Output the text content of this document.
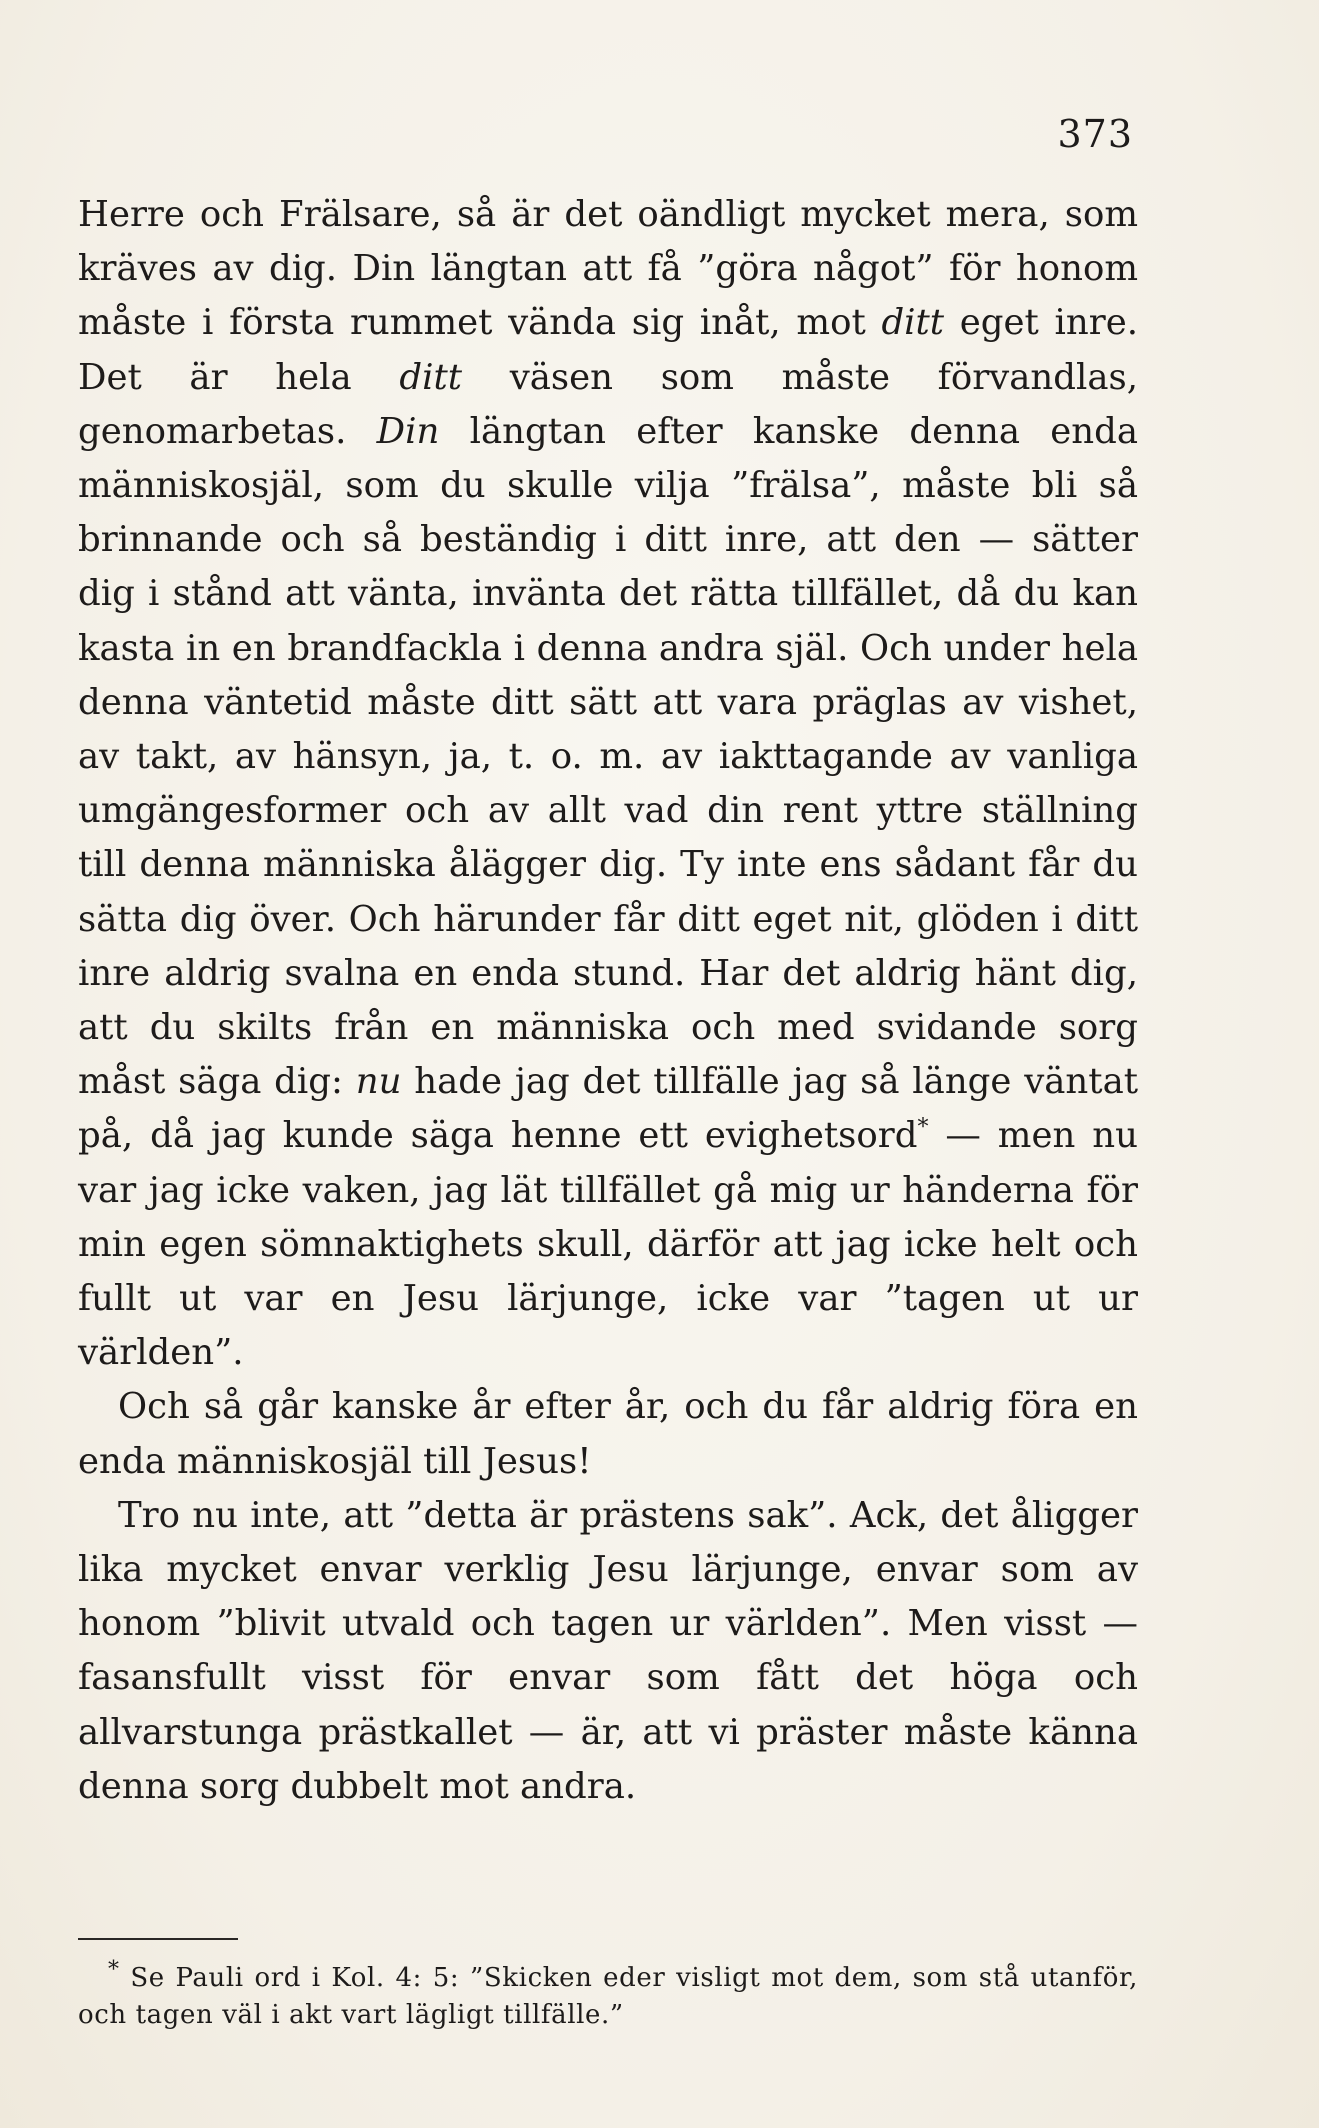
373

Herre och Frälsare, så är det oändligt mycket mera, som kräves av dig. Din längtan att få ”göra något” för honom måste i första rummet vända sig inåt, mot ditt eget inre. Det är hela ditt väsen som måste förvandlas, genomarbetas. Din längtan efter kanske denna enda människosjäl, som du skulle vilja ”frälsa”, måste bli så brinnande och så beständig i ditt inre, att den — sätter dig i stånd att vänta, invänta det rätta tillfället, då du kan kasta in en brandfackla i denna andra själ. Och under hela denna väntetid måste ditt sätt att vara präglas av vishet, av takt, av hänsyn, ja, t. o. m. av iakttagande av vanliga umgängesformer och av allt vad din rent yttre ställning till denna människa ålägger dig. Ty inte ens sådant får du sätta dig över. Och härunder får ditt eget nit, glöden i ditt inre aldrig svalna en enda stund. Har det aldrig hänt dig, att du skilts från en människa och med svidande sorg måst säga dig: nu hade jag det tillfälle jag så länge väntat på, då jag kunde säga henne ett evighetsord* — men nu var jag icke vaken, jag lät tillfället gå mig ur händerna för min egen sömnaktighets skull, därför att jag icke helt och fullt ut var en Jesu lärjunge, icke var ”tagen ut ur världen”.

Och så går kanske år efter år, och du får aldrig föra en enda människosjäl till Jesus!

Tro nu inte, att ”detta är prästens sak”. Ack, det åligger lika mycket envar verklig Jesu lärjunge, envar som av honom ”blivit utvald och tagen ur världen”. Men visst — fasansfullt visst för envar som fått det höga och allvarstunga prästkallet — är, att vi präster måste känna denna sorg dubbelt mot andra.

* Se Pauli ord i Kol. 4: 5: ”Skicken eder visligt mot dem, som stå utanför, och tagen väl i akt vart lägligt tillfälle.”
